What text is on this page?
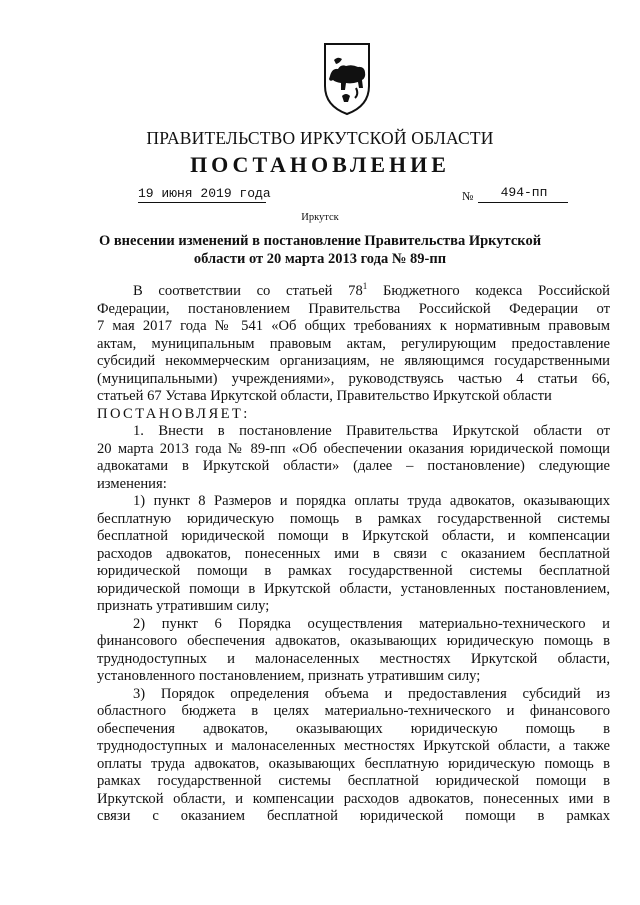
ПРАВИТЕЛЬСТВО ИРКУТСКОЙ ОБЛАСТИ
ПОСТАНОВЛЕНИЕ
19 июня 2019 года	№	494-пп
Иркутск
О внесении изменений в постановление Правительства Иркутской
области от 20 марта 2013 года № 89-пп

В соответствии со статьей $78^1$ Бюджетного кодекса Российской

Федерации, постановлением Правительства Российской Федерации от

7 мая 2017 года № 541 «Об общих требованиях к нормативным правовым

актам, муниципальным правовым актам, регулирующим предоставление

субсидий некоммерческим организациям, не являющимся государственными

(муниципальными) учреждениями», руководствуясь частью 4 статьи 66,

статьей 67 Устава Иркутской области, Правительство Иркутской области

ПОСТАНОВЛЯЕТ:

1. Внести в постановление Правительства Иркутской области от

20 марта 2013 года № 89-пп «Об обеспечении оказания юридической помощи

адвокатами в Иркутской области» (далее – постановление) следующие

изменения:

1) пункт 8 Размеров и порядка оплаты труда адвокатов, оказывающих

бесплатную юридическую помощь в рамках государственной системы

бесплатной юридической помощи в Иркутской области, и компенсации

расходов адвокатов, понесенных ими в связи с оказанием бесплатной

юридической помощи в рамках государственной системы бесплатной

юридической помощи в Иркутской области, установленных постановлением,

признать утратившим силу;

2) пункт 6 Порядка осуществления материально-технического и

финансового обеспечения адвокатов, оказывающих юридическую помощь в

труднодоступных и малонаселенных местностях Иркутской области,

установленного постановлением, признать утратившим силу;

3) Порядок определения объема и предоставления субсидий из

областного бюджета в целях материально-технического и финансового

обеспечения адвокатов, оказывающих юридическую помощь в

труднодоступных и малонаселенных местностях Иркутской области, а также

оплаты труда адвокатов, оказывающих бесплатную юридическую помощь в

рамках государственной системы бесплатной юридической помощи в

Иркутской области, и компенсации расходов адвокатов, понесенных ими в

связи с оказанием бесплатной юридической помощи в рамках
